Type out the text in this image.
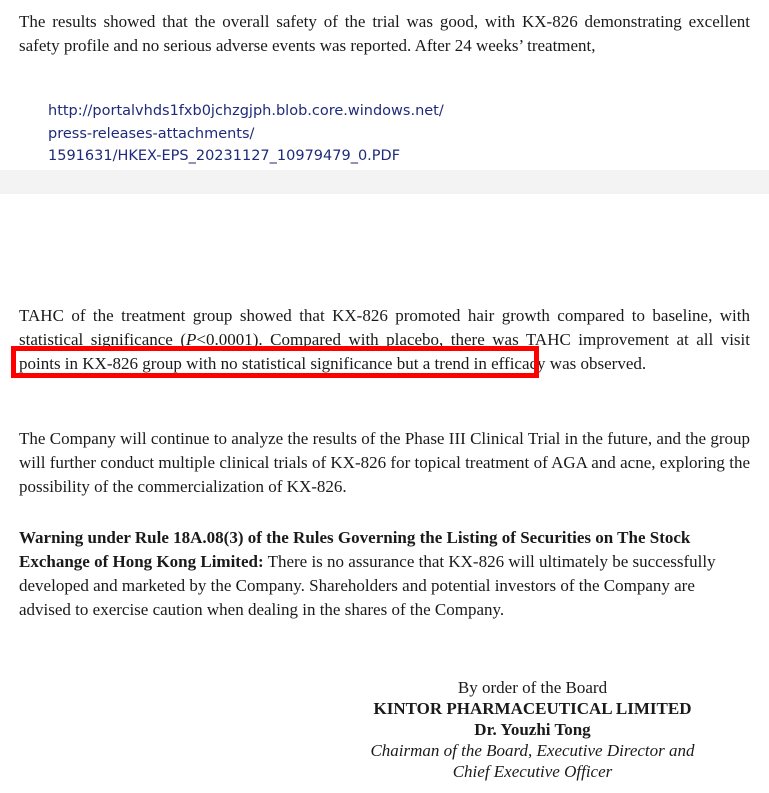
The results showed that the overall safety of the trial was good, with KX-826 demonstrating excellent safety profile and no serious adverse events was reported. After 24 weeks’ treatment,

http://portalvhds1fxb0jchzgjph.blob.core.windows.net/
press-releases-attachments/
1591631/HKEX-EPS_20231127_10979479_0.PDF

TAHC of the treatment group showed that KX-826 promoted hair growth compared to baseline, with statistical significance (P<0.0001). Compared with placebo, there was TAHC improvement at all visit points in KX-826 group with no statistical significance but a trend in efficacy was observed.

The Company will continue to analyze the results of the Phase III Clinical Trial in the future, and the group will further conduct multiple clinical trials of KX-826 for topical treatment of AGA and acne, exploring the possibility of the commercialization of KX-826.

Warning under Rule 18A.08(3) of the Rules Governing the Listing of Securities on The Stock Exchange of Hong Kong Limited: There is no assurance that KX-826 will ultimately be successfully developed and marketed by the Company. Shareholders and potential investors of the Company are advised to exercise caution when dealing in the shares of the Company.

By order of the Board
KINTOR PHARMACEUTICAL LIMITED
Dr. Youzhi Tong
Chairman of the Board, Executive Director and
Chief Executive Officer
